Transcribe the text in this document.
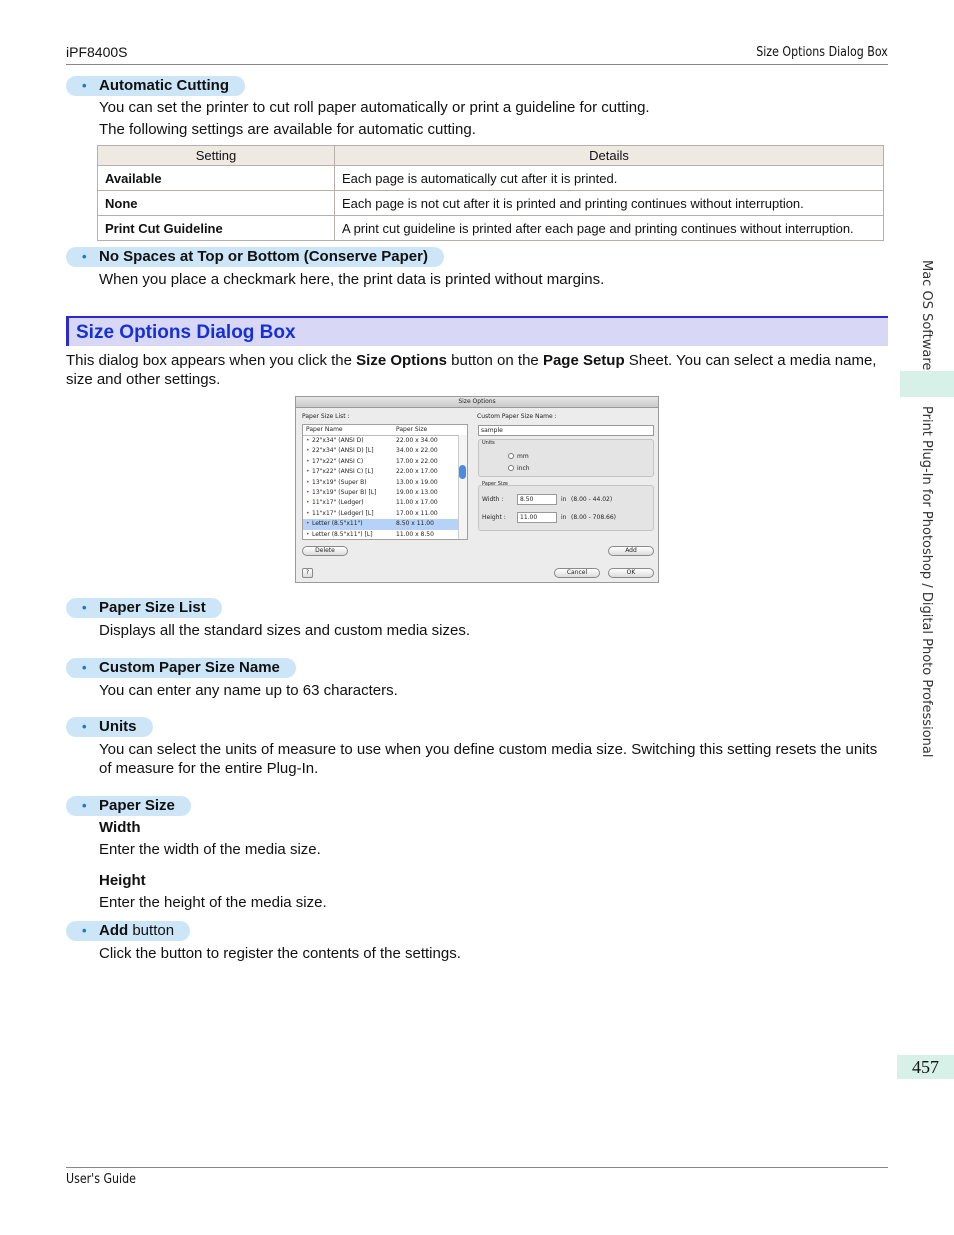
iPF8400S	Size Options Dialog Box
User's Guide
Mac OS Software
Print Plug-In for Photoshop / Digital Photo Professional
457
• Automatic Cutting
You can set the printer to cut roll paper automatically or print a guideline for cutting.
The following settings are available for automatic cutting.
Setting	Details
Available	Each page is automatically cut after it is printed.
None	Each page is not cut after it is printed and printing continues without interruption.
Print Cut Guideline	A print cut guideline is printed after each page and printing continues without interruption.
• No Spaces at Top or Bottom (Conserve Paper)
When you place a checkmark here, the print data is printed without margins.
Size Options Dialog Box
This dialog box appears when you click the Size Options button on the Page Setup Sheet. You can select a media name, size and other settings.
Size Options
Paper Size List :
Paper Name	Paper Size
• 22"x34" (ANSI D)	22.00 x 34.00
• 22"x34" (ANSI D) [L]	34.00 x 22.00
• 17"x22" (ANSI C)	17.00 x 22.00
• 17"x22" (ANSI C) [L]	22.00 x 17.00
• 13"x19" (Super B)	13.00 x 19.00
• 13"x19" (Super B) [L]	19.00 x 13.00
• 11"x17" (Ledger)	11.00 x 17.00
• 11"x17" (Ledger) [L]	17.00 x 11.00
• Letter (8.5"x11")	8.50 x 11.00
• Letter (8.5"x11") [L]	11.00 x 8.50
Delete
Custom Paper Size Name :
sample
Units
mm
inch
Paper Size
Width :	8.50	in (8.00 - 44.02)
Height :	11.00	in (8.00 - 708.66)
Add
?	Cancel	OK
• Paper Size List
Displays all the standard sizes and custom media sizes.
• Custom Paper Size Name
You can enter any name up to 63 characters.
• Units
You can select the units of measure to use when you define custom media size. Switching this setting resets the units of measure for the entire Plug-In.
• Paper Size
Width
Enter the width of the media size.
Height
Enter the height of the media size.
• Add button
Click the button to register the contents of the settings.
